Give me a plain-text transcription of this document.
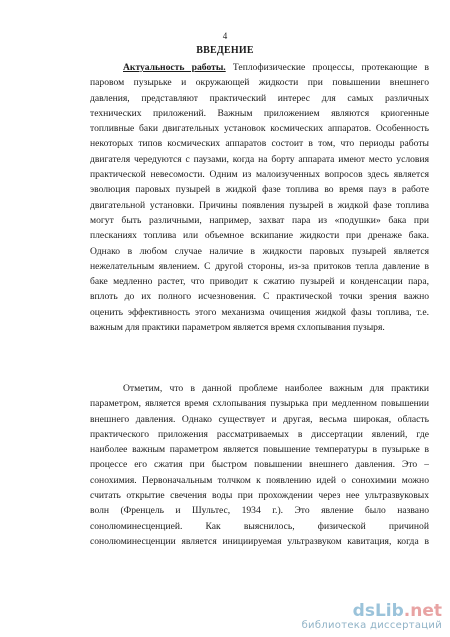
4
ВВЕДЕНИЕ
Актуальность работы. Теплофизические процессы, протекающие в
паровом пузырьке и окружающей жидкости при повышении внешнего
давления, представляют практический интерес для самых различных
технических приложений. Важным приложением являются криогенные
топливные баки двигательных установок космических аппаратов. Особенность
некоторых типов космических аппаратов состоит в том, что периоды работы
двигателя чередуются с паузами, когда на борту аппарата имеют место условия
практической невесомости. Одним из малоизученных вопросов здесь является
эволюция паровых пузырей в жидкой фазе топлива во время пауз в работе
двигательной установки. Причины появления пузырей в жидкой фазе топлива
могут быть различными, например, захват пара из «подушки» бака при
плесканиях топлива или объемное вскипание жидкости при дренаже бака.
Однако в любом случае наличие в жидкости паровых пузырей является
нежелательным явлением. С другой стороны, из-за притоков тепла давление в
баке медленно растет, что приводит к сжатию пузырей и конденсации пара,
вплоть до их полного исчезновения. С практической точки зрения важно
оценить эффективность этого механизма очищения жидкой фазы топлива, т.е.
важным для практики параметром является время схлопывания пузыря.
Отметим, что в данной проблеме наиболее важным для практики
параметром, является время схлопывания пузырька при медленном повышении
внешнего давления. Однако существует и другая, весьма широкая, область
практического приложения рассматриваемых в диссертации явлений, где
наиболее важным параметром является повышение температуры в пузырьке в
процессе его сжатия при быстром повышении внешнего давления. Это –
сонохимия. Первоначальным толчком к появлению идей о сонохимии можно
считать открытие свечения воды при прохождении через нее ультразвуковых
волн (Френцель и Шультес, 1934 г.). Это явление было названо
сонолюминесценцией. Как выяснилось, физической причиной
сонолюминесценции является инициируемая ультразвуком кавитация, когда в
dsLib.net
библиотека диссертаций
